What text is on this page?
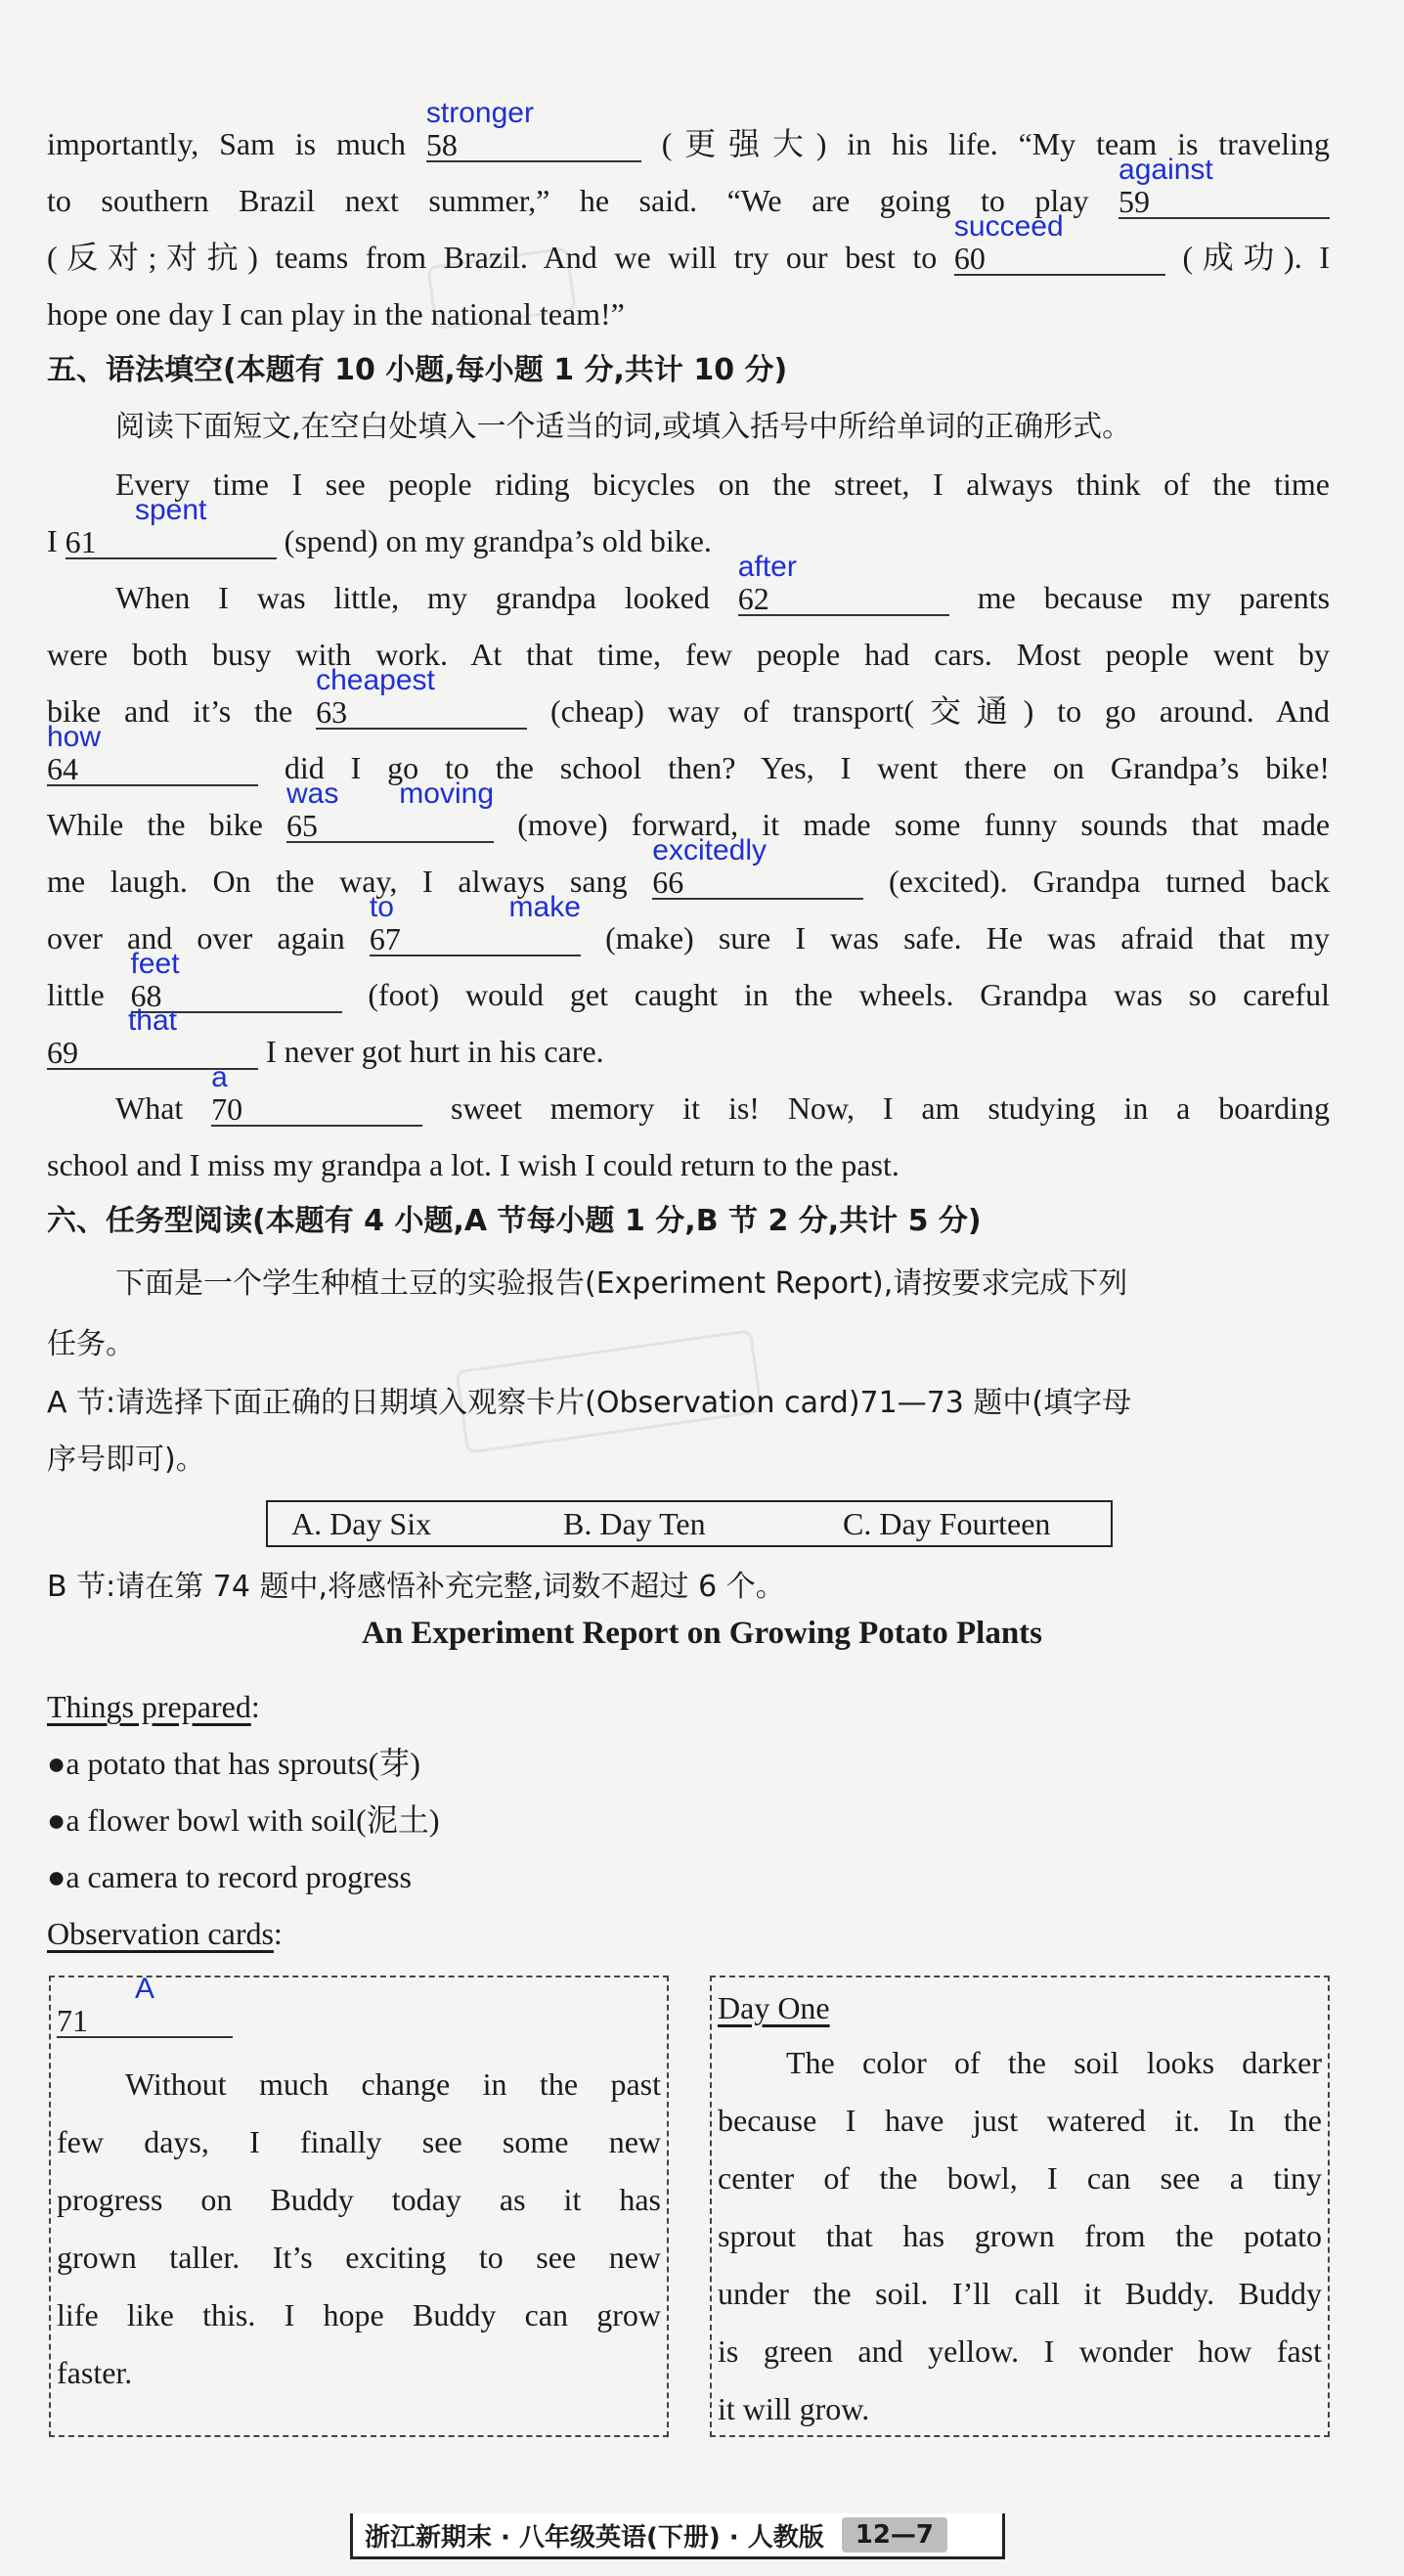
importantly, Sam is much 58
stronger
(更强大) in his life. “My team is traveling
to southern Brazil next summer,” he said. “We are going to play 59
against
(反对;对抗) teams from Brazil. And we will try our best to 60
succeed
(成功). I
hope one day I can play in the national team!”
五、语法填空(本题有 10 小题,每小题 1 分,共计 10 分)
阅读下面短文,在空白处填入一个适当的词,或填入括号中所给单词的正确形式。
Every time I see people riding bicycles on the street, I always think of the time
I 61
spent
(spend) on my grandpa’s old bike.
When I was little, my grandpa looked 62
after
me because my parents
were both busy with work. At that time, few people had cars. Most people went by
bike and it’s the 63
cheapest
(cheap) way of transport(交通) to go around. And
64
how
did I go to the school then? Yes, I went there on Grandpa’s bike!
While the bike 65
was moving
(move) forward, it made some funny sounds that made
me laugh. On the way, I always sang 66
excitedly
(excited). Grandpa turned back
over and over again 67
to make
(make) sure I was safe. He was afraid that my
little 68
feet
(foot) would get caught in the wheels. Grandpa was so careful
69
that
I never got hurt in his care.
What 70
a
sweet memory it is! Now, I am studying in a boarding
school and I miss my grandpa a lot. I wish I could return to the past.
六、任务型阅读(本题有 4 小题,A 节每小题 1 分,B 节 2 分,共计 5 分)
下面是一个学生种植土豆的实验报告(Experiment Report),请按要求完成下列
任务。
A 节:请选择下面正确的日期填入观察卡片(Observation card)71—73 题中(填字母
序号即可)。
A. Day Six	B. Day Ten	C. Day Fourteen
B 节:请在第 74 题中,将感悟补充完整,词数不超过 6 个。
An Experiment Report on Growing Potato Plants
Things prepared:
●a potato that has sprouts(芽)
●a flower bowl with soil(泥土)
●a camera to record progress
Observation cards:
71
A
Without much change in the past
few days, I finally see some new
progress on Buddy today as it has
grown taller. It’s exciting to see new
life like this. I hope Buddy can grow
faster.
Day One
The color of the soil looks darker
because I have just watered it. In the
center of the bowl, I can see a tiny
sprout that has grown from the potato
under the soil. I’ll call it Buddy. Buddy
is green and yellow. I wonder how fast
it will grow.
浙江新期末 · 八年级英语(下册) · 人教版	12—7
